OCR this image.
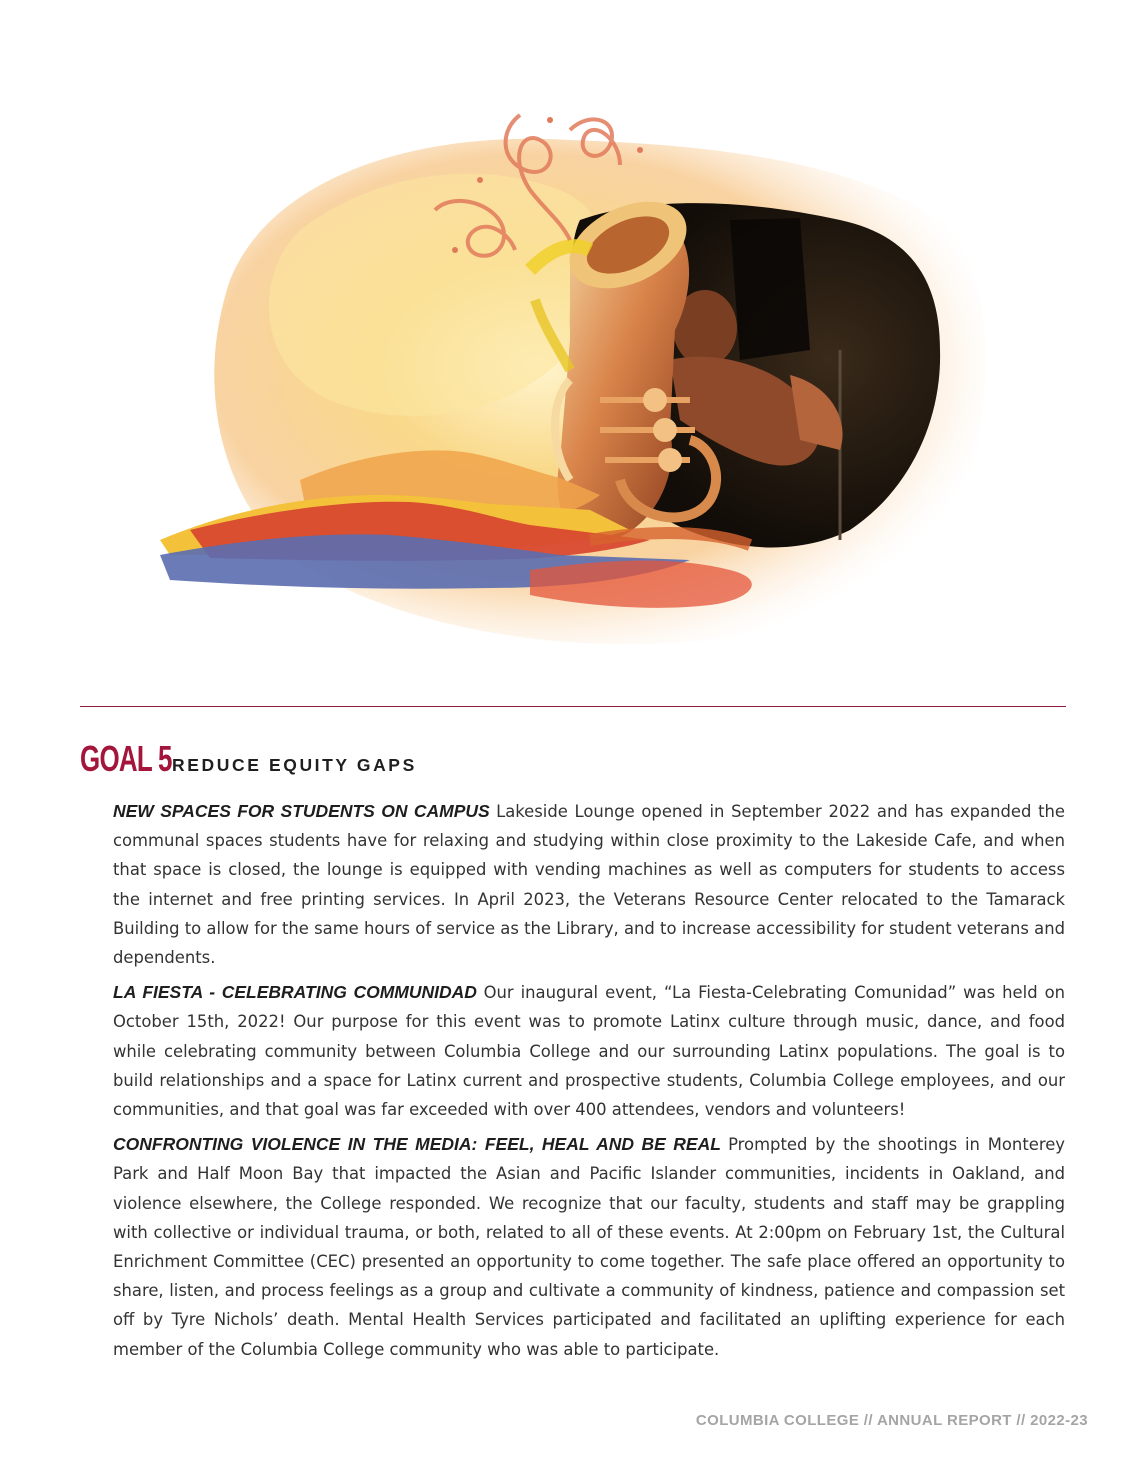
GOAL 5 REDUCE EQUITY GAPS

NEW SPACES FOR STUDENTS ON CAMPUS Lakeside Lounge opened in September 2022 and has expanded the communal spaces students have for relaxing and studying within close proximity to the Lakeside Cafe, and when that space is closed, the lounge is equipped with vending machines as well as computers for students to access the internet and free printing services. In April 2023, the Veterans Resource Center relocated to the Tamarack Building to allow for the same hours of service as the Library, and to increase accessibility for student veterans and dependents.

LA FIESTA - CELEBRATING COMMUNIDAD Our inaugural event, “La Fiesta-Celebrating Comunidad” was held on October 15th, 2022! Our purpose for this event was to promote Latinx culture through music, dance, and food while celebrating community between Columbia College and our surrounding Latinx populations. The goal is to build relationships and a space for Latinx current and prospective students, Columbia College employees, and our communities, and that goal was far exceeded with over 400 attendees, vendors and volunteers!

CONFRONTING VIOLENCE IN THE MEDIA: FEEL, HEAL AND BE REAL Prompted by the shootings in Monterey Park and Half Moon Bay that impacted the Asian and Pacific Islander communities, incidents in Oakland, and violence elsewhere, the College responded. We recognize that our faculty, students and staff may be grappling with collective or individual trauma, or both, related to all of these events. At 2:00pm on February 1st, the Cultural Enrichment Committee (CEC) presented an opportunity to come together. The safe place offered an opportunity to share, listen, and process feelings as a group and cultivate a community of kindness, patience and compassion set off by Tyre Nichols’ death. Mental Health Services participated and facilitated an uplifting experience for each member of the Columbia College community who was able to participate.

COLUMBIA COLLEGE // ANNUAL REPORT // 2022-23
